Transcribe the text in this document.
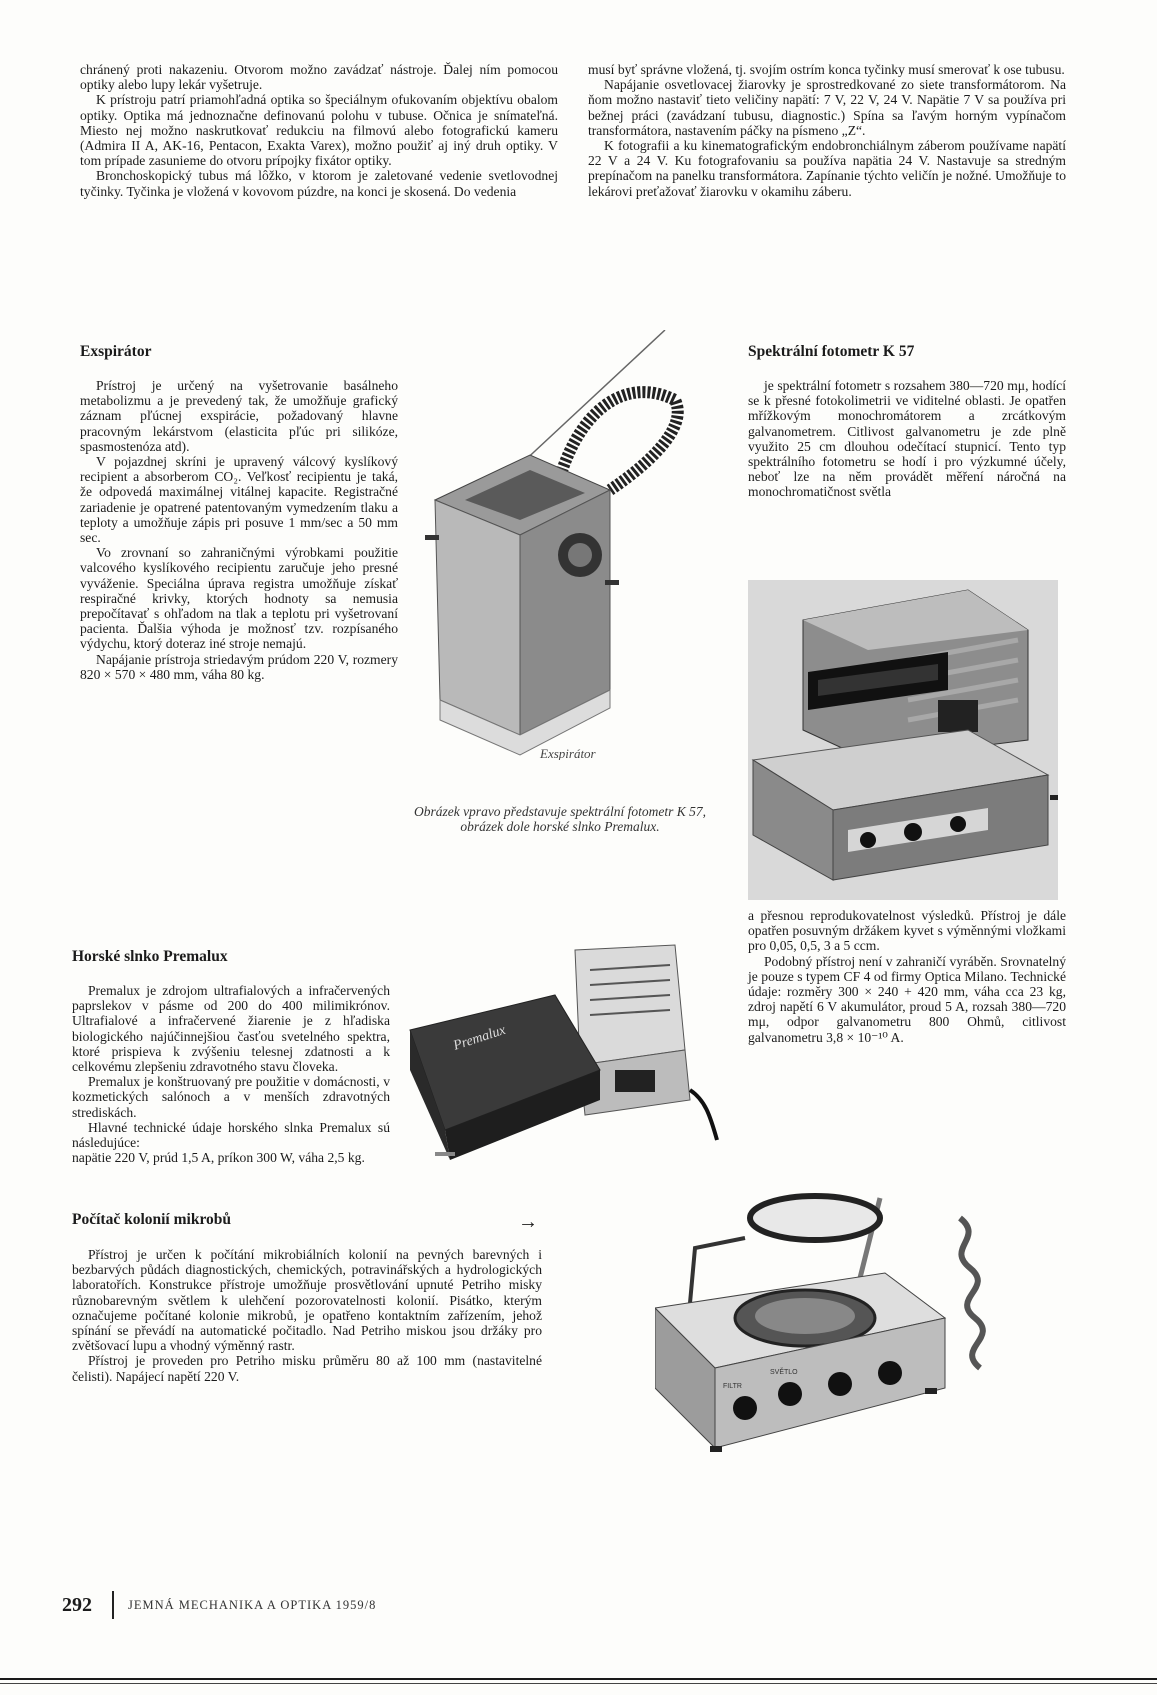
chránený proti nakazeniu. Otvorom možno zavádzať nástroje. Ďalej ním pomocou optiky alebo lupy lekár vyšetruje.

K prístroju patrí priamohľadná optika so špeciálnym ofukovaním objektívu obalom optiky. Optika má jednoznačne definovanú polohu v tubuse. Očnica je snímateľná. Miesto nej možno naskrutkovať redukciu na filmovú alebo fotografickú kameru (Admira II A, AK-16, Pentacon, Exakta Varex), možno použiť aj iný druh optiky. V tom prípade zasunieme do otvoru prípojky fixátor optiky.

Bronchoskopický tubus má lôžko, v ktorom je zaletované vedenie svetlovodnej tyčinky. Tyčinka je vložená v kovovom púzdre, na konci je skosená. Do vedenia

musí byť správne vložená, tj. svojím ostrím konca tyčinky musí smerovať k ose tubusu.

Napájanie osvetlovacej žiarovky je sprostredkované zo siete transformátorom. Na ňom možno nastaviť tieto veličiny napätí: 7 V, 22 V, 24 V. Napätie 7 V sa používa pri bežnej práci (zavádzaní tubusu, diagnostic.) Spína sa ľavým horným vypínačom transformátora, nastavením páčky na písmeno „Z“.

K fotografii a ku kinematografickým endobronchiálnym záberom používame napätí 22 V a 24 V. Ku fotografovaniu sa používa napätia 24 V. Nastavuje sa stredným prepínačom na panelku transformátora. Zapínanie týchto veličín je nožné. Umožňuje to lekárovi preťažovať žiarovku v okamihu záberu.

Exspirátor

Prístroj je určený na vyšetrovanie basálneho metabolizmu a je prevedený tak, že umožňuje grafický záznam pľúcnej exspirácie, požadovaný hlavne pracovným lekárstvom (elasticita pľúc pri silikóze, spasmostenóza atd).

V pojazdnej skríni je upravený válcový kyslíkový recipient a absorberom CO₂. Veľkosť recipientu je taká, že odpovedá maximálnej vitálnej kapacite. Registračné zariadenie je opatrené patentovaným vymedzením tlaku a teploty a umožňuje zápis pri posuve 1 mm/sec a 50 mm sec.

Vo zrovnaní so zahraničnými výrobkami použitie valcového kyslíkového recipientu zaručuje jeho presné vyváženie. Speciálna úprava registra umožňuje získať respiračné krivky, ktorých hodnoty sa nemusia prepočítavať s ohľadom na tlak a teplotu pri vyšetrovaní pacienta. Ďalšia výhoda je možnosť tzv. rozpísaného výdychu, ktorý doteraz iné stroje nemajú.

Napájanie prístroja striedavým prúdom 220 V, rozmery 820 × 570 × 480 mm, váha 80 kg.

Exspirátor
Obrázek vpravo představuje spektrální fotometr K 57, obrázek dole horské slnko Premalux.
Spektrální fotometr K 57

je spektrální fotometr s rozsahem 380—720 mμ, hodící se k přesné fotokolimetrii ve viditelné oblasti. Je opatřen mřížkovým monochromátorem a zrcátkovým galvanometrem. Citlivost galvanometru je zde plně využito 25 cm dlouhou odečítací stupnicí. Tento typ spektrálního fotometru se hodí i pro výzkumné účely, neboť lze na něm provádět měření náročná na monochromatičnost světla

a přesnou reprodukovatelnost výsledků. Přístroj je dále opatřen posuvným držákem kyvet s výměnnými vložkami pro 0,05, 0,5, 3 a 5 ccm.

Podobný přístroj není v zahraničí vyráběn. Srovnatelný je pouze s typem CF 4 od firmy Optica Milano. Technické údaje: rozměry 300 × 240 + 420 mm, váha cca 23 kg, zdroj napětí 6 V akumulátor, proud 5 A, rozsah 380—720 mμ, odpor galvanometru 800 Ohmů, citlivost galvanometru 3,8 × 10⁻¹⁰ A.

Horské slnko Premalux

Premalux je zdrojom ultrafialových a infračervených paprslekov v pásme od 200 do 400 milimikrónov. Ultrafialové a infračervené žiarenie je z hľadiska biologického najúčinnejšiou časťou svetelného spektra, ktoré prispieva k zvýšeniu telesnej zdatnosti a k celkovému zlepšeniu zdravotného stavu človeka.

Premalux je konštruovaný pre použitie v domácnosti, v kozmetických salónoch a v menších zdravotných strediskách.

Hlavné technické údaje horského slnka Premalux sú následujúce:

napätie 220 V, prúd 1,5 A, príkon 300 W, váha 2,5 kg.

Premalux
Počítač kolonií mikrobů	→

Přístroj je určen k počítání mikrobiálních kolonií na pevných barevných i bezbarvých půdách diagnostických, chemických, potravinářských a hydrologických laboratořích. Konstrukce přístroje umožňuje prosvětlování upnuté Petriho misky různobarevným světlem k ulehčení pozorovatelnosti kolonií. Pisátko, kterým označujeme počítané kolonie mikrobů, je opatřeno kontaktním zařízením, jehož spínání se převádí na automatické počitadlo. Nad Petriho miskou jsou držáky pro zvětšovací lupu a vhodný výměnný rastr.

Přístroj je proveden pro Petriho misku průměru 80 až 100 mm (nastavitelné čelisti). Napájecí napětí 220 V.	SVĚTLO
FILTR
292	JEMNÁ MECHANIKA A OPTIKA 1959/8
